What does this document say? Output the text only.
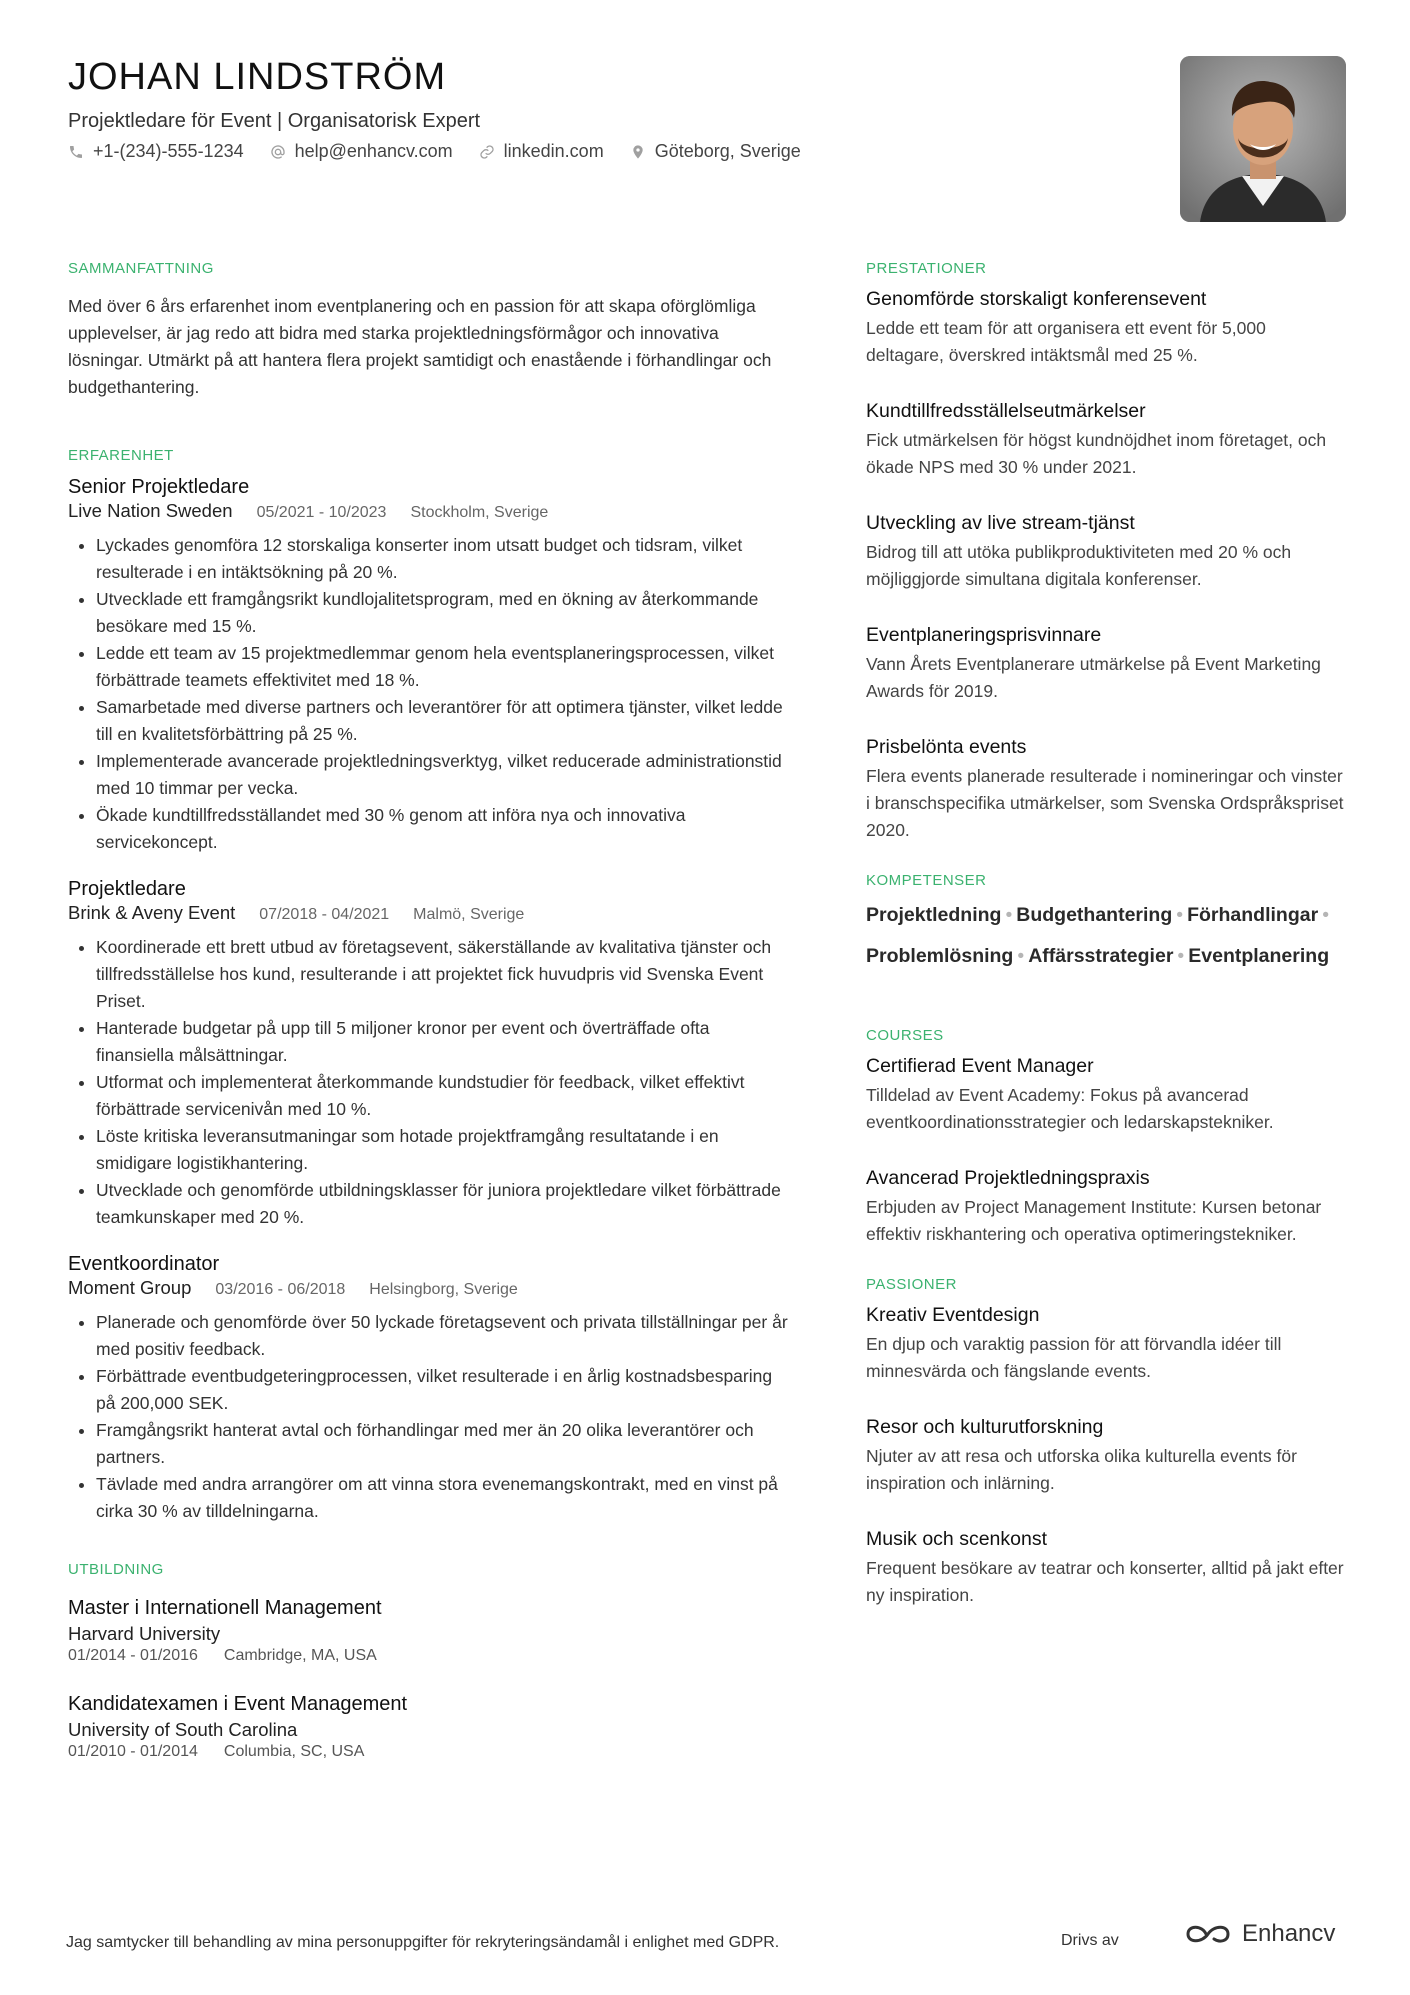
JOHAN LINDSTRÖM
Projektledare för Event | Organisatorisk Expert
+1-(234)-555-1234	help@enhancv.com	linkedin.com	Göteborg, Sverige
SAMMANFATTNING
Med över 6 års erfarenhet inom eventplanering och en passion för att skapa oförglömliga upplevelser, är jag redo att bidra med starka projektledningsförmågor och innovativa lösningar. Utmärkt på att hantera flera projekt samtidigt och enastående i förhandlingar och budgethantering.
ERFARENHET
Senior Projektledare
Live Nation Sweden 05/2021 - 10/2023 Stockholm, Sverige
• Lyckades genomföra 12 storskaliga konserter inom utsatt budget och tidsram, vilket resulterade i en intäktsökning på 20 %.
• Utvecklade ett framgångsrikt kundlojalitetsprogram, med en ökning av återkommande besökare med 15 %.
• Ledde ett team av 15 projektmedlemmar genom hela eventsplaneringsprocessen, vilket förbättrade teamets effektivitet med 18 %.
• Samarbetade med diverse partners och leverantörer för att optimera tjänster, vilket ledde till en kvalitetsförbättring på 25 %.
• Implementerade avancerade projektledningsverktyg, vilket reducerade administrationstid med 10 timmar per vecka.
• Ökade kundtillfredsställandet med 30 % genom att införa nya och innovativa servicekoncept.
Projektledare
Brink & Aveny Event 07/2018 - 04/2021 Malmö, Sverige
• Koordinerade ett brett utbud av företagsevent, säkerställande av kvalitativa tjänster och tillfredsställelse hos kund, resulterande i att projektet fick huvudpris vid Svenska Event Priset.
• Hanterade budgetar på upp till 5 miljoner kronor per event och överträffade ofta finansiella målsättningar.
• Utformat och implementerat återkommande kundstudier för feedback, vilket effektivt förbättrade servicenivån med 10 %.
• Löste kritiska leveransutmaningar som hotade projektframgång resultatande i en smidigare logistikhantering.
• Utvecklade och genomförde utbildningsklasser för juniora projektledare vilket förbättrade teamkunskaper med 20 %.
Eventkoordinator
Moment Group 03/2016 - 06/2018 Helsingborg, Sverige
• Planerade och genomförde över 50 lyckade företagsevent och privata tillställningar per år med positiv feedback.
• Förbättrade eventbudgeteringprocessen, vilket resulterade i en årlig kostnadsbesparing på 200,000 SEK.
• Framgångsrikt hanterat avtal och förhandlingar med mer än 20 olika leverantörer och partners.
• Tävlade med andra arrangörer om att vinna stora evenemangskontrakt, med en vinst på cirka 30 % av tilldelningarna.
UTBILDNING
Master i Internationell Management
Harvard University
01/2014 - 01/2016 Cambridge, MA, USA
Kandidatexamen i Event Management
University of South Carolina
01/2010 - 01/2014 Columbia, SC, USA
PRESTATIONER
Genomförde storskaligt konferensevent
Ledde ett team för att organisera ett event för 5,000 deltagare, överskred intäktsmål med 25 %.
Kundtillfredsställelseutmärkelser
Fick utmärkelsen för högst kundnöjdhet inom företaget, och ökade NPS med 30 % under 2021.
Utveckling av live stream-tjänst
Bidrog till att utöka publikproduktiviteten med 20 % och möjliggjorde simultana digitala konferenser.
Eventplaneringsprisvinnare
Vann Årets Eventplanerare utmärkelse på Event Marketing Awards för 2019.
Prisbelönta events
Flera events planerade resulterade i nomineringar och vinster i branschspecifika utmärkelser, som Svenska Ordspråkspriset 2020.
KOMPETENSER
Projektledning • Budgethantering • Förhandlingar •
Problemlösning • Affärsstrategier • Eventplanering
COURSES
Certifierad Event Manager
Tilldelad av Event Academy: Fokus på avancerad eventkoordinationsstrategier och ledarskapstekniker.
Avancerad Projektledningspraxis
Erbjuden av Project Management Institute: Kursen betonar effektiv riskhantering och operativa optimeringstekniker.
PASSIONER
Kreativ Eventdesign
En djup och varaktig passion för att förvandla idéer till minnesvärda och fängslande events.
Resor och kulturutforskning
Njuter av att resa och utforska olika kulturella events för inspiration och inlärning.
Musik och scenkonst
Frequent besökare av teatrar och konserter, alltid på jakt efter ny inspiration.
Jag samtycker till behandling av mina personuppgifter för rekryteringsändamål i enlighet med GDPR.	Drivs av	Enhancv
